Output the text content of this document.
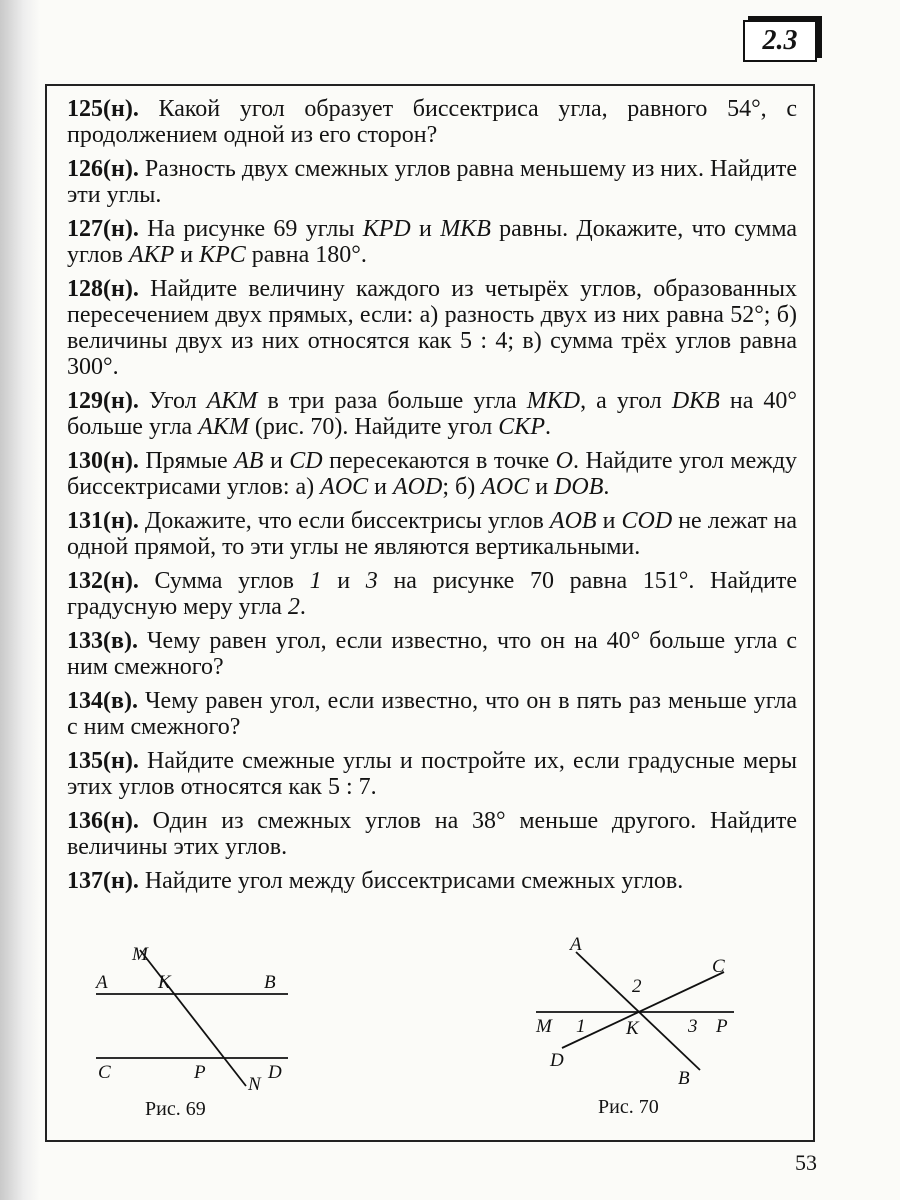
2.3

125(н). Какой угол образует биссектриса угла, равного 54°, с продолжением одной из его сторон?

126(н). Разность двух смежных углов равна меньшему из них. Найдите эти углы.

127(н). На рисунке 69 углы KPD и MKB равны. Докажите, что сумма углов AKP и KPC равна 180°.

128(н). Найдите величину каждого из четырёх углов, образованных пересечением двух прямых, если: а) разность двух из них равна 52°; б) величины двух из них относятся как 5 : 4; в) сумма трёх углов равна 300°.

129(н). Угол AKM в три раза больше угла MKD, а угол DKB на 40° больше угла AKM (рис. 70). Найдите угол CKP.

130(н). Прямые AB и CD пересекаются в точке O. Найдите угол между биссектрисами углов: а) AOC и AOD; б) AOC и DOB.

131(н). Докажите, что если биссектрисы углов AOB и COD не лежат на одной прямой, то эти углы не являются вертикальными.

132(н). Сумма углов 1 и 3 на рисунке 70 равна 151°. Найдите градусную меру угла 2.

133(в). Чему равен угол, если известно, что он на 40° больше угла с ним смежного?

134(в). Чему равен угол, если известно, что он в пять раз меньше угла с ним смежного?

135(н). Найдите смежные углы и постройте их, если градусные меры этих углов относятся как 5 : 7.

136(н). Один из смежных углов на 38° меньше другого. Найдите величины этих углов.

137(н). Найдите угол между биссектрисами смежных углов.

M
A	K	B
C	P
N
D
Рис. 69
A
C
2
M 1 K	3 P
D
B
Рис. 70
53
